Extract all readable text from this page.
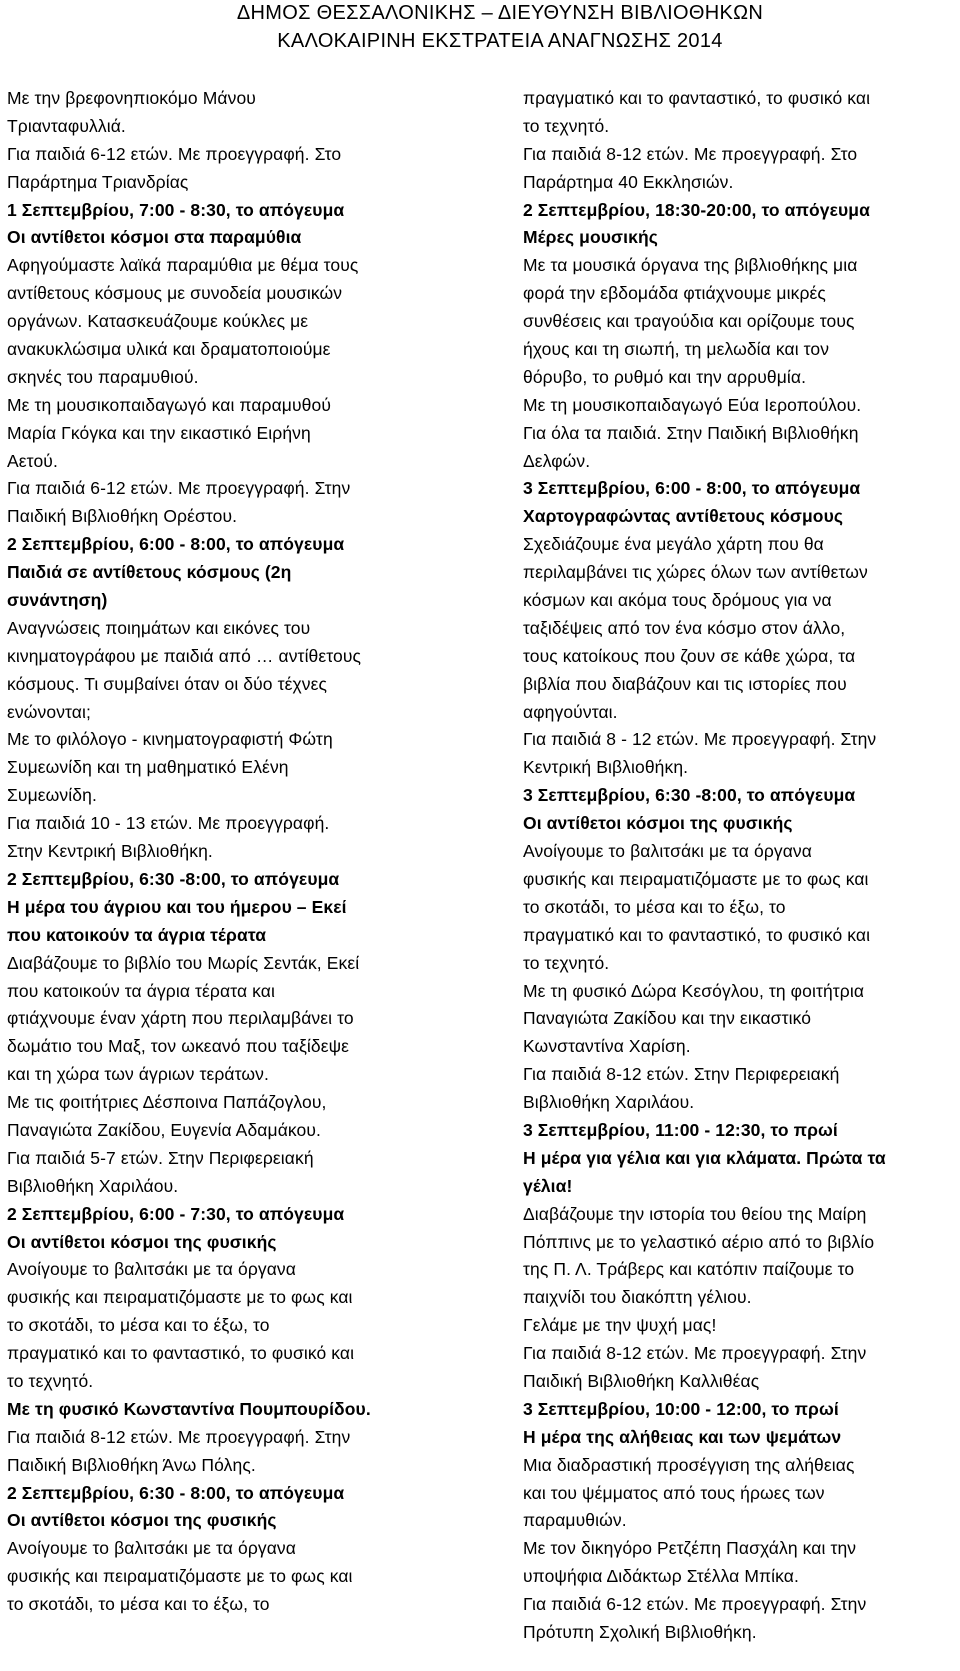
ΔΗΜΟΣ ΘΕΣΣΑΛΟΝΙΚΗΣ – ΔΙΕΥΘΥΝΣΗ ΒΙΒΛΙΟΘΗΚΩΝ
ΚΑΛΟΚΑΙΡΙΝΗ ΕΚΣΤΡΑΤΕΙΑ ΑΝΑΓΝΩΣΗΣ 2014
Με την βρεφονηπιοκόμο Μάνου
Τριανταφυλλιά.
Για παιδιά 6-12 ετών. Με προεγγραφή. Στο
Παράρτημα Τριανδρίας
1 Σεπτεμβρίου, 7:00 - 8:30, το απόγευμα
Οι αντίθετοι κόσμοι στα παραμύθια
Αφηγούμαστε λαϊκά παραμύθια με θέμα τους
αντίθετους κόσμους με συνοδεία μουσικών
οργάνων. Κατασκευάζουμε κούκλες με
ανακυκλώσιμα υλικά και δραματοποιούμε
σκηνές του παραμυθιού.
Με τη μουσικοπαιδαγωγό και παραμυθού
Μαρία Γκόγκα και την εικαστικό Ειρήνη
Αετού.
Για παιδιά 6-12 ετών. Με προεγγραφή. Στην
Παιδική Βιβλιοθήκη Ορέστου.
2 Σεπτεμβρίου, 6:00 - 8:00, το απόγευμα
Παιδιά σε αντίθετους κόσμους (2η
συνάντηση)
Αναγνώσεις ποιημάτων και εικόνες του
κινηματογράφου με παιδιά από … αντίθετους
κόσμους. Τι συμβαίνει όταν οι δύο τέχνες
ενώνονται;
Με το φιλόλογο - κινηματογραφιστή Φώτη
Συμεωνίδη και τη μαθηματικό Ελένη
Συμεωνίδη.
Για παιδιά 10 - 13 ετών. Με προεγγραφή.
Στην Κεντρική Βιβλιοθήκη.
2 Σεπτεμβρίου, 6:30 -8:00, το απόγευμα
Η μέρα του άγριου και του ήμερου – Εκεί
που κατοικούν τα άγρια τέρατα
Διαβάζουμε το βιβλίο του Μωρίς Σεντάκ, Εκεί
που κατοικούν τα άγρια τέρατα και
φτιάχνουμε έναν χάρτη που περιλαμβάνει το
δωμάτιο του Μαξ, τον ωκεανό που ταξίδεψε
και τη χώρα των άγριων τεράτων.
Με τις φοιτήτριες Δέσποινα Παπάζογλου,
Παναγιώτα Ζακίδου, Ευγενία Αδαμάκου.
Για παιδιά 5-7 ετών. Στην Περιφερειακή
Βιβλιοθήκη Χαριλάου.
2 Σεπτεμβρίου, 6:00 - 7:30, το απόγευμα
Οι αντίθετοι κόσμοι της φυσικής
Ανοίγουμε το βαλιτσάκι με τα όργανα
φυσικής και πειραματιζόμαστε με το φως και
το σκοτάδι, το μέσα και το έξω, το
πραγματικό και το φανταστικό, το φυσικό και
το τεχνητό.
Με τη φυσικό Κωνσταντίνα Πουμπουρίδου.
Για παιδιά 8-12 ετών. Με προεγγραφή. Στην
Παιδική Βιβλιοθήκη Άνω Πόλης.
2 Σεπτεμβρίου, 6:30 - 8:00, το απόγευμα
Οι αντίθετοι κόσμοι της φυσικής
Ανοίγουμε το βαλιτσάκι με τα όργανα
φυσικής και πειραματιζόμαστε με το φως και
το σκοτάδι, το μέσα και το έξω, το
πραγματικό και το φανταστικό, το φυσικό και
το τεχνητό.
Για παιδιά 8-12 ετών. Με προεγγραφή. Στο
Παράρτημα 40 Εκκλησιών.
2 Σεπτεμβρίου, 18:30-20:00, το απόγευμα
Μέρες μουσικής
Με τα μουσικά όργανα της βιβλιοθήκης μια
φορά την εβδομάδα φτιάχνουμε μικρές
συνθέσεις και τραγούδια και ορίζουμε τους
ήχους και τη σιωπή, τη μελωδία και τον
θόρυβο, το ρυθμό και την αρρυθμία.
Με τη μουσικοπαιδαγωγό Εύα Ιεροπούλου.
Για όλα τα παιδιά. Στην Παιδική Βιβλιοθήκη
Δελφών.
3 Σεπτεμβρίου, 6:00 - 8:00, το απόγευμα
Χαρτογραφώντας αντίθετους κόσμους
Σχεδιάζουμε ένα μεγάλο χάρτη που θα
περιλαμβάνει τις χώρες όλων των αντίθετων
κόσμων και ακόμα τους δρόμους για να
ταξιδέψεις από τον ένα κόσμο στον άλλο,
τους κατοίκους που ζουν σε κάθε χώρα, τα
βιβλία που διαβάζουν και τις ιστορίες που
αφηγούνται.
Για παιδιά 8 - 12 ετών. Με προεγγραφή. Στην
Κεντρική Βιβλιοθήκη.
3 Σεπτεμβρίου, 6:30 -8:00, το απόγευμα
Οι αντίθετοι κόσμοι της φυσικής
Ανοίγουμε το βαλιτσάκι με τα όργανα
φυσικής και πειραματιζόμαστε με το φως και
το σκοτάδι, το μέσα και το έξω, το
πραγματικό και το φανταστικό, το φυσικό και
το τεχνητό.
Με τη φυσικό Δώρα Κεσόγλου, τη φοιτήτρια
Παναγιώτα Ζακίδου και την εικαστικό
Κωνσταντίνα Χαρίση.
Για παιδιά 8-12 ετών. Στην Περιφερειακή
Βιβλιοθήκη Χαριλάου.
3 Σεπτεμβρίου, 11:00 - 12:30, το πρωί
Η μέρα για γέλια και για κλάματα. Πρώτα τα
γέλια!
Διαβάζουμε την ιστορία του θείου της Μαίρη
Πόππινς με το γελαστικό αέριο από το βιβλίο
της Π. Λ. Τράβερς και κατόπιν παίζουμε το
παιχνίδι του διακόπτη γέλιου.
Γελάμε με την ψυχή μας!
Για παιδιά 8-12 ετών. Με προεγγραφή. Στην
Παιδική Βιβλιοθήκη Καλλιθέας
3 Σεπτεμβρίου, 10:00 - 12:00, το πρωί
Η μέρα της αλήθειας και των ψεμάτων
Μια διαδραστική προσέγγιση της αλήθειας
και του ψέμματος από τους ήρωες των
παραμυθιών.
Με τον δικηγόρο Ρετζέπη Πασχάλη και την
υποψήφια Διδάκτωρ Στέλλα Μπίκα.
Για παιδιά 6-12 ετών. Με προεγγραφή. Στην
Πρότυπη Σχολική Βιβλιοθήκη.
